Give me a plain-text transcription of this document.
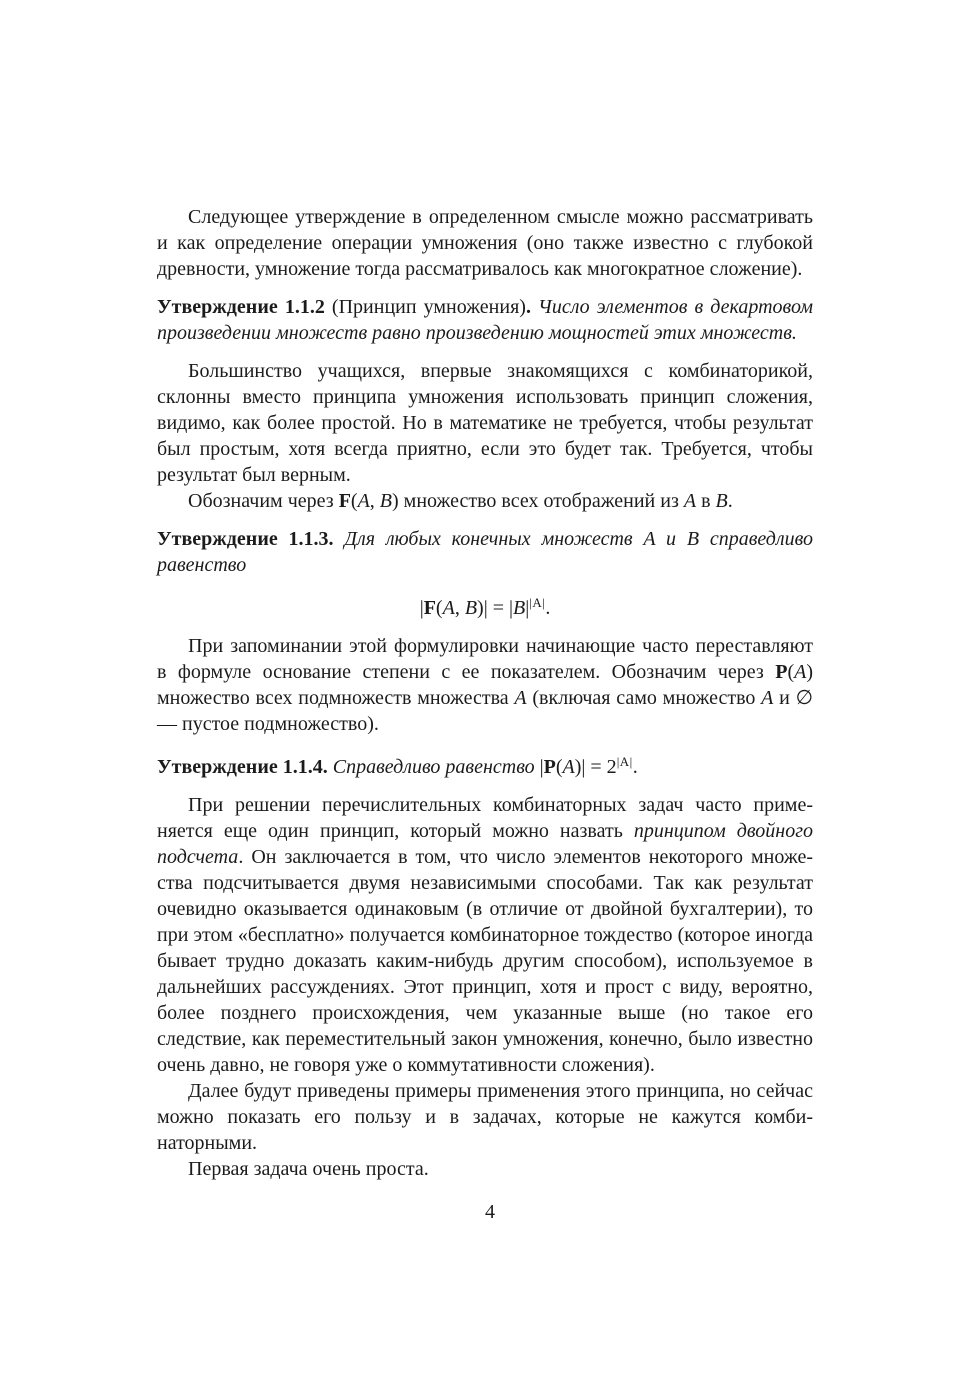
Следующее утверждение в определенном смысле можно рассматривать и как определение операции умножения (оно также известно с глубокой древности, умножение тогда рассматривалось как многократное сложение).

Утверждение 1.1.2 (Принцип умножения). Число элементов в декартовом произведении множеств равно произведению мощностей этих множеств.

Большинство учащихся, впервые знакомящихся с комбинаторикой, склонны вместо принципа умножения использовать принцип сложения, видимо, как более простой. Но в математике не требуется, чтобы результат был простым, хотя всегда приятно, если это будет так. Требуется, чтобы результат был верным.

Обозначим через F(A, B) множество всех отображений из A в B.

Утверждение 1.1.3. Для любых конечных множеств A и B справедливо равенство

|F(A, $B)| = |B|^{|A|}$.

При запоминании этой формулировки начинающие часто переставляют в формуле основание степени с ее показателем. Обозначим через P(A) множество всех подмножеств множества A (включая само множество A и ∅ — пустое подмножество).

Утверждение 1.1.4. Справедливо равенство $|P(A)| = 2^{|A|}$.

При решении перечислительных комбинаторных задач часто применяется еще один принцип, который можно назвать принципом двойного подсчета. Он заключается в том, что число элементов некоторого множества подсчитывается двумя независимыми способами. Так как результат очевидно оказывается одинаковым (в отличие от двойной бухгалтерии), то при этом «бесплатно» получается комбинаторное тождество (которое иногда бывает трудно доказать каким-нибудь другим способом), используемое в дальнейших рассуждениях. Этот принцип, хотя и прост с виду, вероятно, более позднего происхождения, чем указанные выше (но такое его следствие, как переместительный закон умножения, конечно, было известно очень давно, не говоря уже о коммутативности сложения).

Далее будут приведены примеры применения этого принципа, но сейчас можно показать его пользу и в задачах, которые не кажутся комбинаторными.

Первая задача очень проста.

4
